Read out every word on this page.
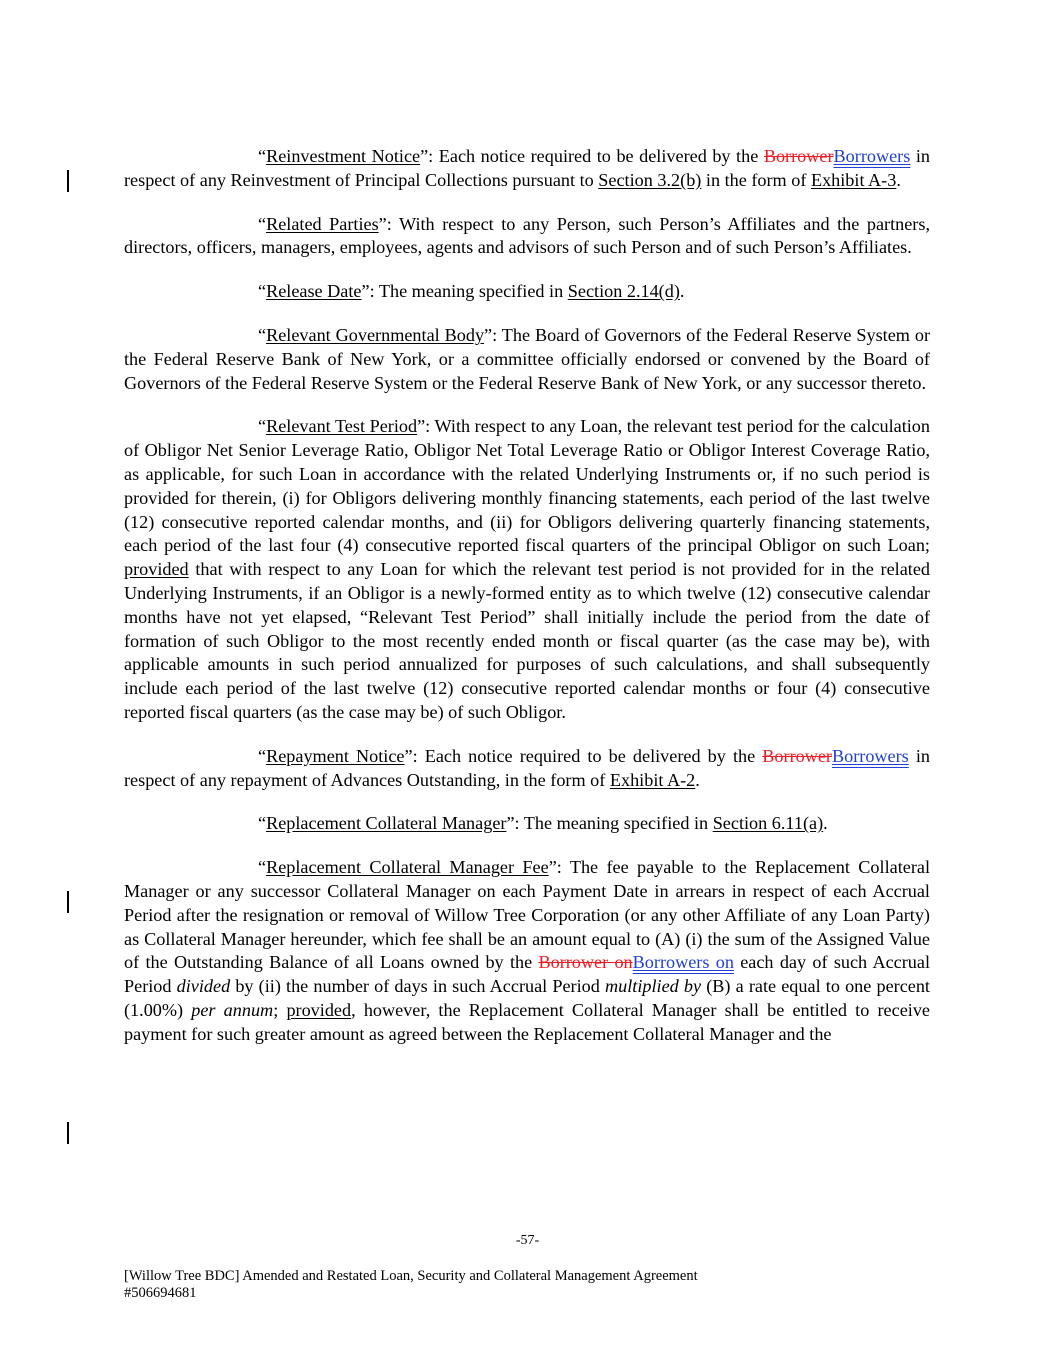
“Reinvestment Notice”: Each notice required to be delivered by the BorrowerBorrowers in respect of any Reinvestment of Principal Collections pursuant to Section 3.2(b) in the form of Exhibit A-3.

“Related Parties”: With respect to any Person, such Person’s Affiliates and the partners, directors, officers, managers, employees, agents and advisors of such Person and of such Person’s Affiliates.

“Release Date”: The meaning specified in Section 2.14(d).

“Relevant Governmental Body”: The Board of Governors of the Federal Reserve System or the Federal Reserve Bank of New York, or a committee officially endorsed or convened by the Board of Governors of the Federal Reserve System or the Federal Reserve Bank of New York, or any successor thereto.

“Relevant Test Period”: With respect to any Loan, the relevant test period for the calculation of Obligor Net Senior Leverage Ratio, Obligor Net Total Leverage Ratio or Obligor Interest Coverage Ratio, as applicable, for such Loan in accordance with the related Underlying Instruments or, if no such period is provided for therein, (i) for Obligors delivering monthly financing statements, each period of the last twelve (12) consecutive reported calendar months, and (ii) for Obligors delivering quarterly financing statements, each period of the last four (4) consecutive reported fiscal quarters of the principal Obligor on such Loan; provided that with respect to any Loan for which the relevant test period is not provided for in the related Underlying Instruments, if an Obligor is a newly-formed entity as to which twelve (12) consecutive calendar months have not yet elapsed, “Relevant Test Period” shall initially include the period from the date of formation of such Obligor to the most recently ended month or fiscal quarter (as the case may be), with applicable amounts in such period annualized for purposes of such calculations, and shall subsequently include each period of the last twelve (12) consecutive reported calendar months or four (4) consecutive reported fiscal quarters (as the case may be) of such Obligor.

“Repayment Notice”: Each notice required to be delivered by the BorrowerBorrowers in respect of any repayment of Advances Outstanding, in the form of Exhibit A-2.

“Replacement Collateral Manager”: The meaning specified in Section 6.11(a).

“Replacement Collateral Manager Fee”: The fee payable to the Replacement Collateral Manager or any successor Collateral Manager on each Payment Date in arrears in respect of each Accrual Period after the resignation or removal of Willow Tree Corporation (or any other Affiliate of any Loan Party) as Collateral Manager hereunder, which fee shall be an amount equal to (A) (i) the sum of the Assigned Value of the Outstanding Balance of all Loans owned by the Borrower onBorrowers on each day of such Accrual Period divided by (ii) the number of days in such Accrual Period multiplied by (B) a rate equal to one percent (1.00%) per annum; provided, however, the Replacement Collateral Manager shall be entitled to receive payment for such greater amount as agreed between the Replacement Collateral Manager and the

-57-
[Willow Tree BDC] Amended and Restated Loan, Security and Collateral Management Agreement
#506694681
